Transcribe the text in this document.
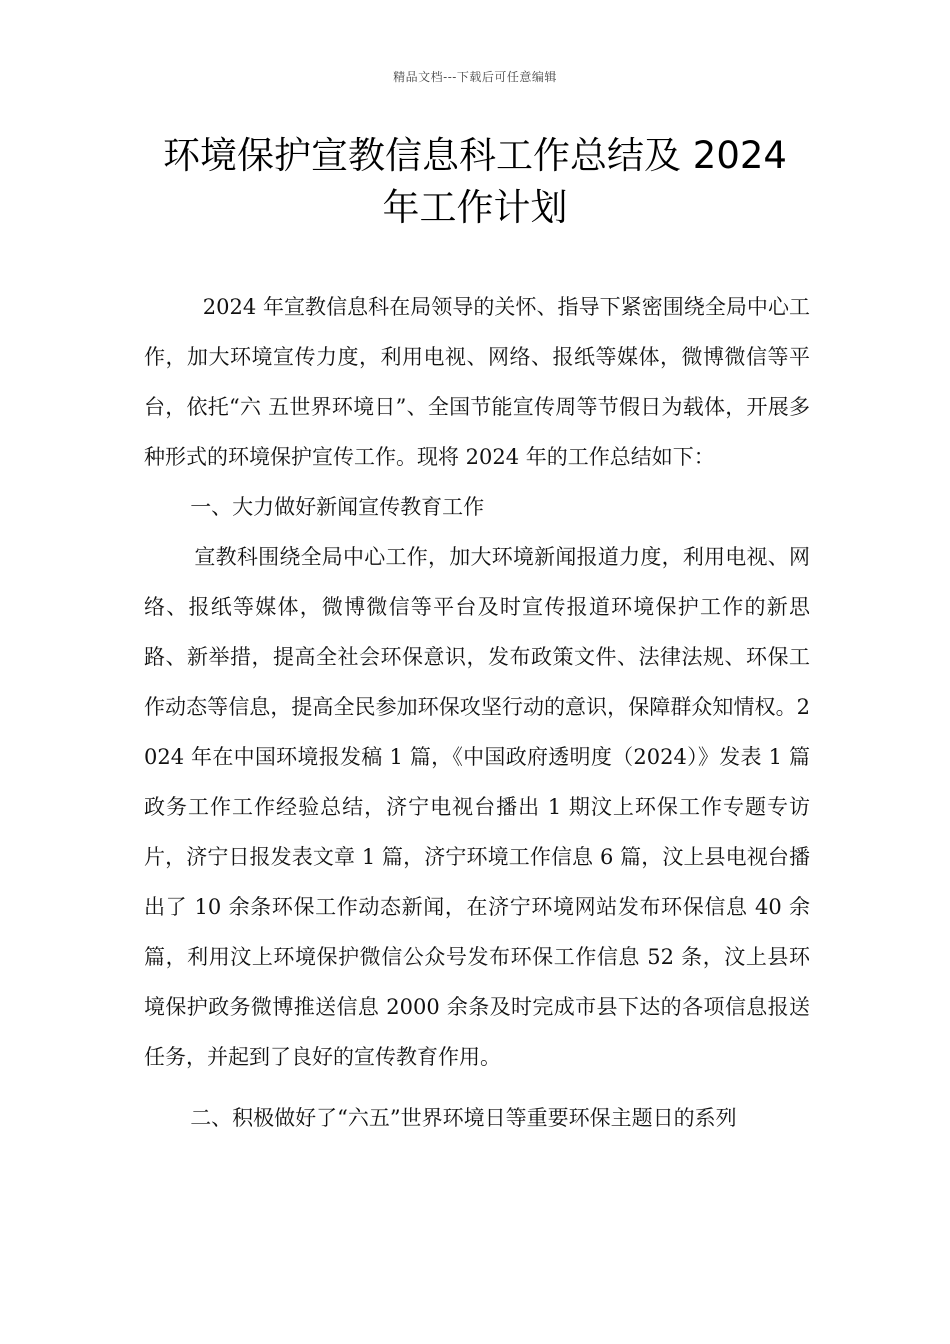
精品文档---下载后可任意编辑
环境保护宣教信息科工作总结及 2024
年工作计划

2024 年宣教信息科在局领导的关怀、指导下紧密围绕全局中心工作，加大环境宣传力度，利用电视、网络、报纸等媒体，微博微信等平台，依托“六 五世界环境日”、全国节能宣传周等节假日为载体，开展多种形式的环境保护宣传工作。现将 2024 年的工作总结如下：

一、大力做好新闻宣传教育工作

宣教科围绕全局中心工作，加大环境新闻报道力度，利用电视、网络、报纸等媒体，微博微信等平台及时宣传报道环境保护工作的新思路、新举措，提高全社会环保意识，发布政策文件、法律法规、环保工作动态等信息，提高全民参加环保攻坚行动的意识，保障群众知情权。2024 年在中国环境报发稿 1 篇，《中国政府透明度（2024）》发表 1 篇政务工作工作经验总结，济宁电视台播出 1 期汶上环保工作专题专访片，济宁日报发表文章 1 篇，济宁环境工作信息 6 篇，汶上县电视台播出了 10 余条环保工作动态新闻，在济宁环境网站发布环保信息 40 余篇，利用汶上环境保护微信公众号发布环保工作信息 52 条，汶上县环境保护政务微博推送信息 2000 余条及时完成市县下达的各项信息报送任务，并起到了良好的宣传教育作用。

二、积极做好了“六五”世界环境日等重要环保主题日的系列
